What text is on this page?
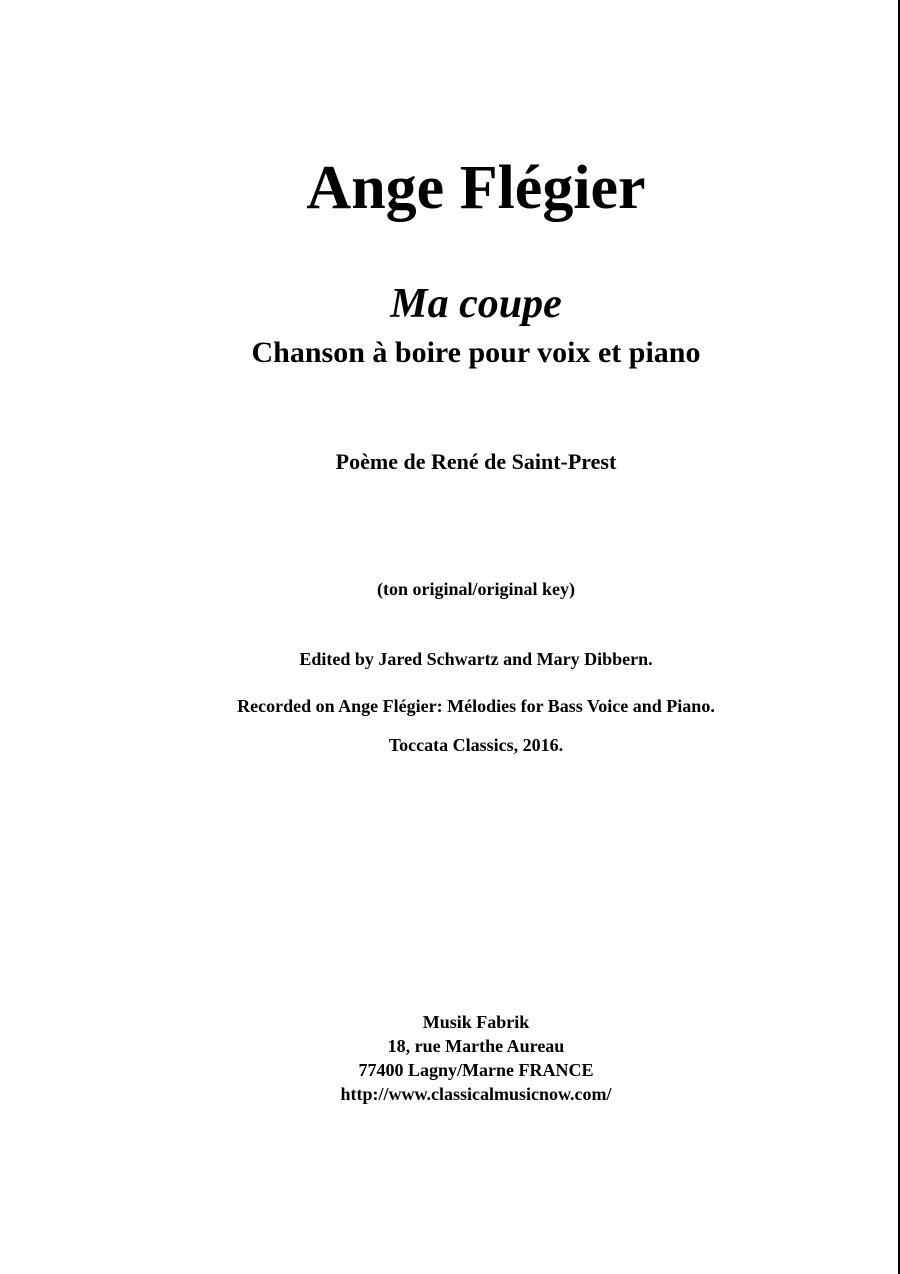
Ange Flégier
Ma coupe
Chanson à boire pour voix et piano
Poème de René de Saint-Prest
(ton original/original key)
Edited by Jared Schwartz and Mary Dibbern.
Recorded on Ange Flégier: Mélodies for Bass Voice and Piano.
Toccata Classics, 2016.
Musik Fabrik
18, rue Marthe Aureau
77400 Lagny/Marne FRANCE
http://www.classicalmusicnow.com/
